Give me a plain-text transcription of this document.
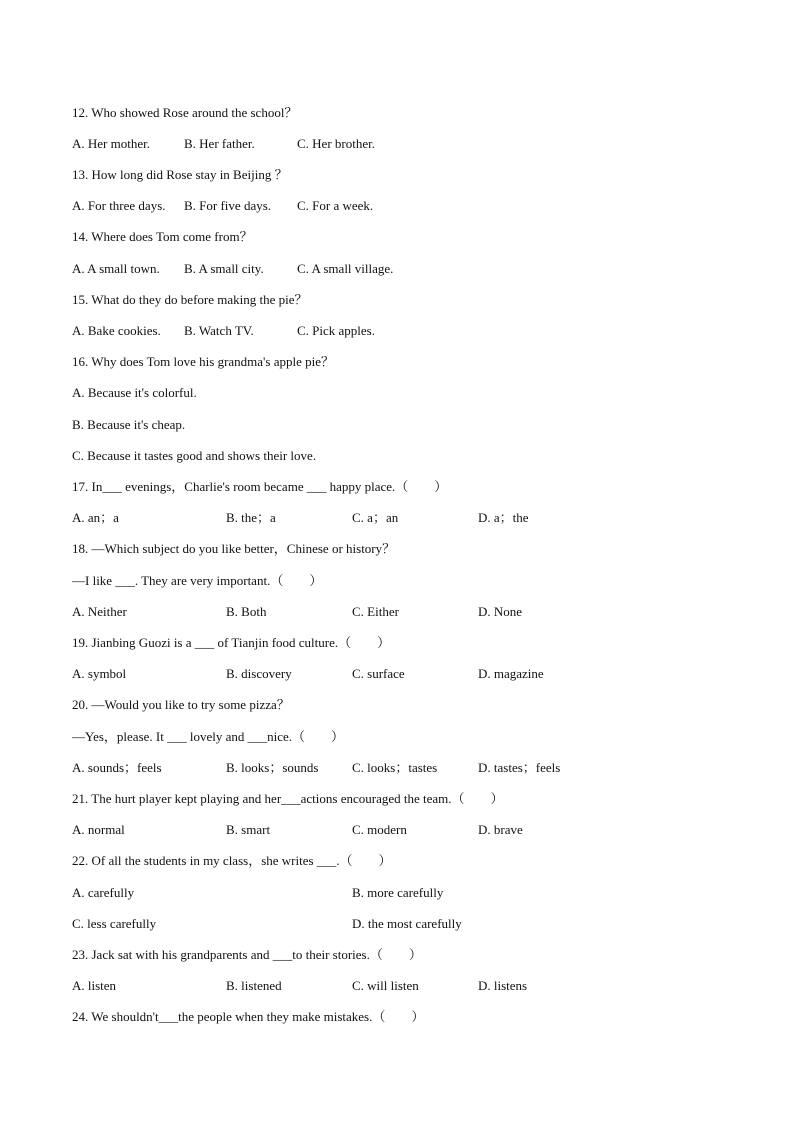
12. Who showed Rose around the school？
A. Her mother.	B. Her father.	C. Her brother.
13. How long did Rose stay in Beijing ？
A. For three days. B. For five days. C. For a week.
14. Where does Tom come from？
A. A small town. B. A small city.	C. A small village.
15. What do they do before making the pie？
A. Bake cookies. B. Watch TV.	C. Pick apples.
16. Why does Tom love his grandma's apple pie？
A. Because it's colorful.
B. Because it's cheap.
C. Because it tastes good and shows their love.
17. In___ evenings，Charlie's room became ___ happy place.（　　）
A. an；a	B. the；a	C. a；an	D. a；the
18. —Which subject do you like better，Chinese or history？
—I like ___. They are very important.（　　）
A. Neither	B. Both	C. Either	D. None
19. Jianbing Guozi is a ___ of Tianjin food culture.（　　）
A. symbol	B. discovery	C. surface	D. magazine
20. —Would you like to try some pizza？
—Yes，please. It ___ lovely and ___nice.（　　）
A. sounds；feels	B. looks；sounds	C. looks；tastes	D. tastes；feels
21. The hurt player kept playing and her___actions encouraged the team.（　　）
A. normal	B. smart	C. modern	D. brave
22. Of all the students in my class，she writes ___.（　　）
A. carefully	B. more carefully
C. less carefully	D. the most carefully
23. Jack sat with his grandparents and ___to their stories.（　　）
A. listen	B. listened	C. will listen	D. listens
24. We shouldn't___the people when they make mistakes.（　　）
